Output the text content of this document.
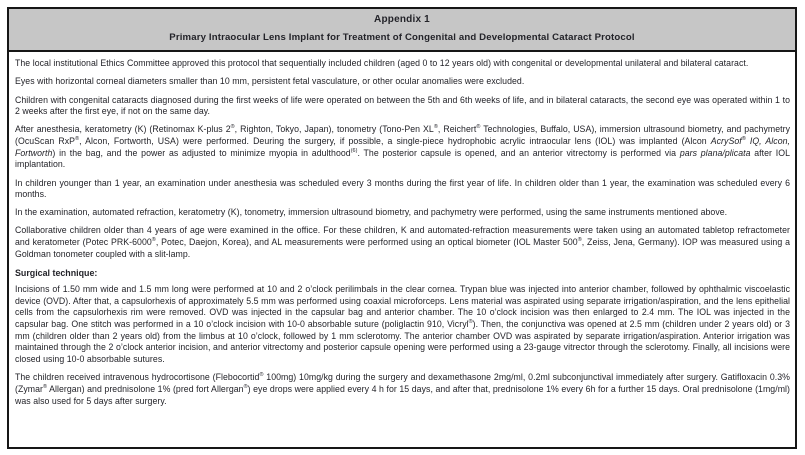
Appendix 1
Primary Intraocular Lens Implant for Treatment of Congenital and Developmental Cataract Protocol

The local institutional Ethics Committee approved this protocol that sequentially included children (aged 0 to 12 years old) with congenital or developmental unilateral and bilateral cataract.

Eyes with horizontal corneal diameters smaller than 10 mm, persistent fetal vasculature, or other ocular anomalies were excluded.

Children with congenital cataracts diagnosed during the first weeks of life were operated on between the 5th and 6th weeks of life, and in bilateral cataracts, the second eye was operated within 1 to 2 weeks after the first eye, if not on the same day.

After anesthesia, keratometry (K) (Retinomax K-plus 2®, Righton, Tokyo, Japan), tonometry (Tono-Pen XL®, Reichert® Technologies, Buffalo, USA), immersion ultrasound biometry, and pachymetry (OcuScan RxP®, Alcon, Fortworth, USA) were performed. Deuring the surgery, if possible, a single-piece hydrophobic acrylic intraocular lens (IOL) was implanted (Alcon AcrySof® IQ, Alcon, Fortworth) in the bag, and the power as adjusted to minimize myopia in adulthood$^{(6)}$. The posterior capsule is opened, and an anterior vitrectomy is performed via pars plana/plicata after IOL implantation.

In children younger than 1 year, an examination under anesthesia was scheduled every 3 months during the first year of life. In children older than 1 year, the examination was scheduled every 6 months.

In the examination, automated refraction, keratometry (K), tonometry, immersion ultrasound biometry, and pachymetry were performed, using the same instruments mentioned above.

Collaborative children older than 4 years of age were examined in the office. For these children, K and automated-refraction measurements were taken using an automated tabletop refractometer and keratometer (Potec PRK-6000®, Potec, Daejon, Korea), and AL measurements were performed using an optical biometer (IOL Master 500®, Zeiss, Jena, Germany). IOP was measured using a Goldman tonometer coupled with a slit-lamp.

Surgical technique:

Incisions of 1.50 mm wide and 1.5 mm long were performed at 10 and 2 o’clock perilimbals in the clear cornea. Trypan blue was injected into anterior chamber, followed by ophthalmic viscoelastic device (OVD). After that, a capsulorhexis of approximately 5.5 mm was performed using coaxial microforceps. Lens material was aspirated using separate irrigation/aspiration, and the lens epithelial cells from the capsulorhexis rim were removed. OVD was injected in the capsular bag and anterior chamber. The 10 o’clock incision was then enlarged to 2.4 mm. The IOL was injected in the capsular bag. One stitch was performed in a 10 o’clock incision with 10-0 absorbable suture (poliglactin 910, Vicryl®). Then, the conjunctiva was opened at 2.5 mm (children under 2 years old) or 3 mm (children older than 2 years old) from the limbus at 10 o’clock, followed by 1 mm sclerotomy. The anterior chamber OVD was aspirated by separate irrigation/aspiration. Anterior irrigation was maintained through the 2 o’clock anterior incision, and anterior vitrectomy and posterior capsule opening were performed using a 23-gauge vitrector through the sclerotomy. Finally, all incisions were closed using 10-0 absorbable sutures.

The children received intravenous hydrocortisone (Flebocortid® 100mg) 10mg/kg during the surgery and dexamethasone 2mg/ml, 0.2ml subconjunctival immediately after surgery. Gatifloxacin 0.3% (Zymar® Allergan) and prednisolone 1% (pred fort Allergan®) eye drops were applied every 4 h for 15 days, and after that, prednisolone 1% every 6h for a further 15 days. Oral prednisolone (1mg/ml) was also used for 5 days after surgery.
